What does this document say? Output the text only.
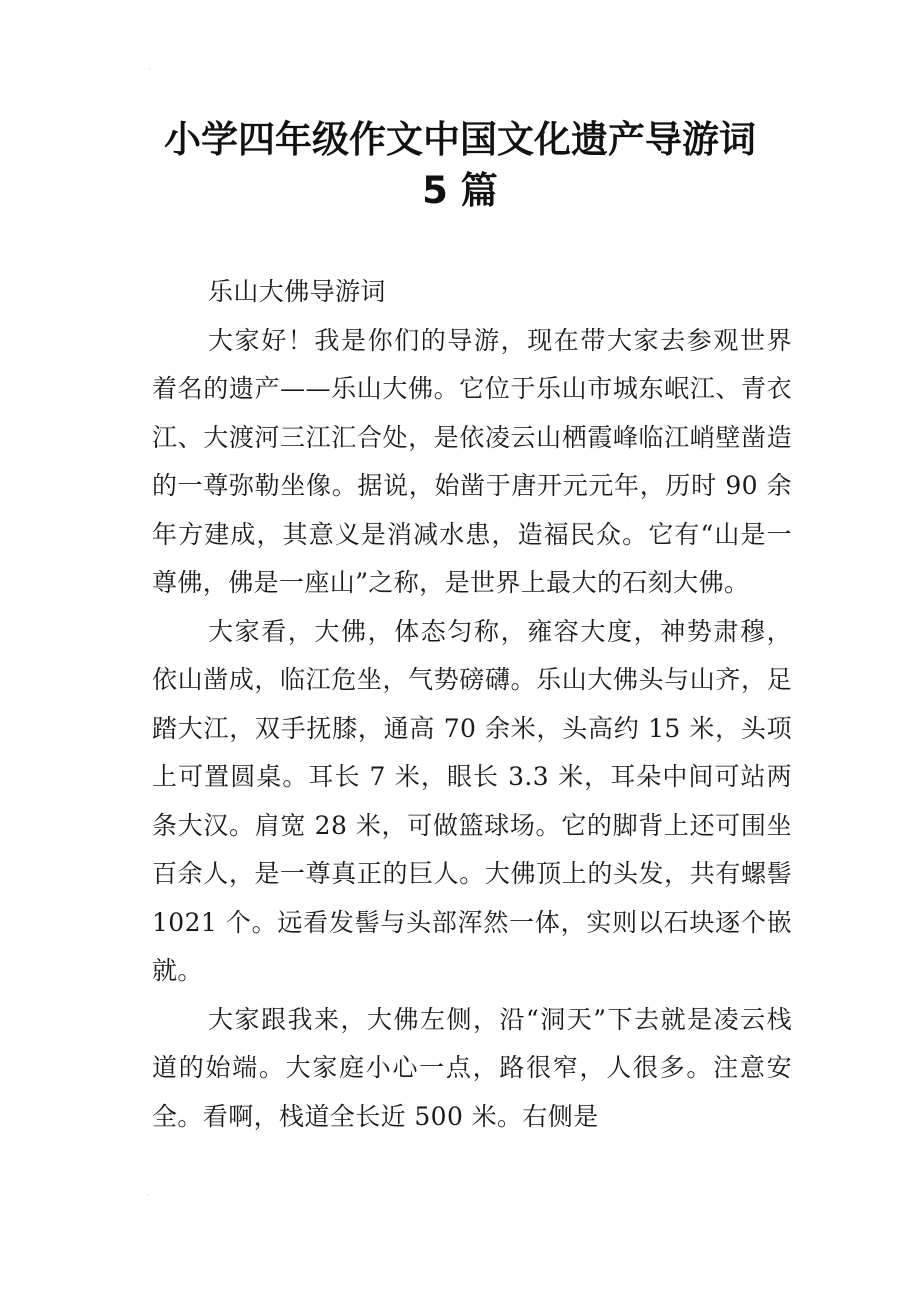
·
小学四年级作文中国文化遗产导游词
5 篇

乐山大佛导游词

大家好！我是你们的导游，现在带大家去参观世界着名的遗产——乐山大佛。它位于乐山市城东岷江、青衣江、大渡河三江汇合处，是依凌云山栖霞峰临江峭壁凿造的一尊弥勒坐像。据说，始凿于唐开元元年，历时 90 余年方建成，其意义是消减水患，造福民众。它有“山是一尊佛，佛是一座山”之称，是世界上最大的石刻大佛。

大家看，大佛，体态匀称，雍容大度，神势肃穆，依山凿成，临江危坐，气势磅礴。乐山大佛头与山齐，足踏大江，双手抚膝，通高 70 余米，头高约 15 米，头项上可置圆桌。耳长 7 米，眼长 3.3 米，耳朵中间可站两条大汉。肩宽 28 米，可做篮球场。它的脚背上还可围坐百余人，是一尊真正的巨人。大佛顶上的头发，共有螺髻 1021 个。远看发髻与头部浑然一体，实则以石块逐个嵌就。

大家跟我来，大佛左侧，沿“洞天”下去就是凌云栈道的始端。大家庭小心一点，路很窄，人很多。注意安全。看啊，栈道全长近 500 米。右侧是

·
